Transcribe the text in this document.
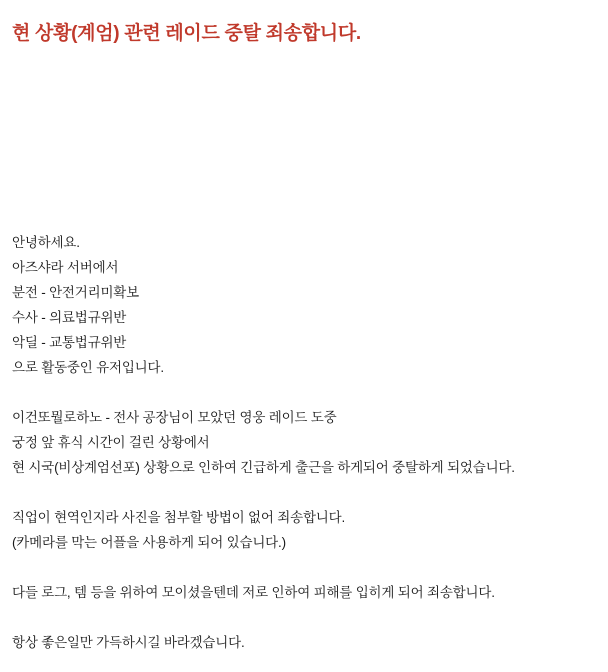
현 상황(계엄) 관련 레이드 중탈 죄송합니다.
안녕하세요.
아즈샤라 서버에서
분전 - 안전거리미확보
수사 - 의료법규위반
악딜 - 교통법규위반
으로 활동중인 유저입니다.
이건또뭘로하노 - 전사 공장님이 모았던 영웅 레이드 도중
궁정 앞 휴식 시간이 걸린 상황에서
현 시국(비상계엄선포) 상황으로 인하여 긴급하게 출근을 하게되어 중탈하게 되었습니다.
직업이 현역인지라 사진을 첨부할 방법이 없어 죄송합니다.
(카메라를 막는 어플을 사용하게 되어 있습니다.)
다들 로그, 템 등을 위하여 모이셨을텐데 저로 인하여 피해를 입히게 되어 죄송합니다.
항상 좋은일만 가득하시길 바라겠습니다.
